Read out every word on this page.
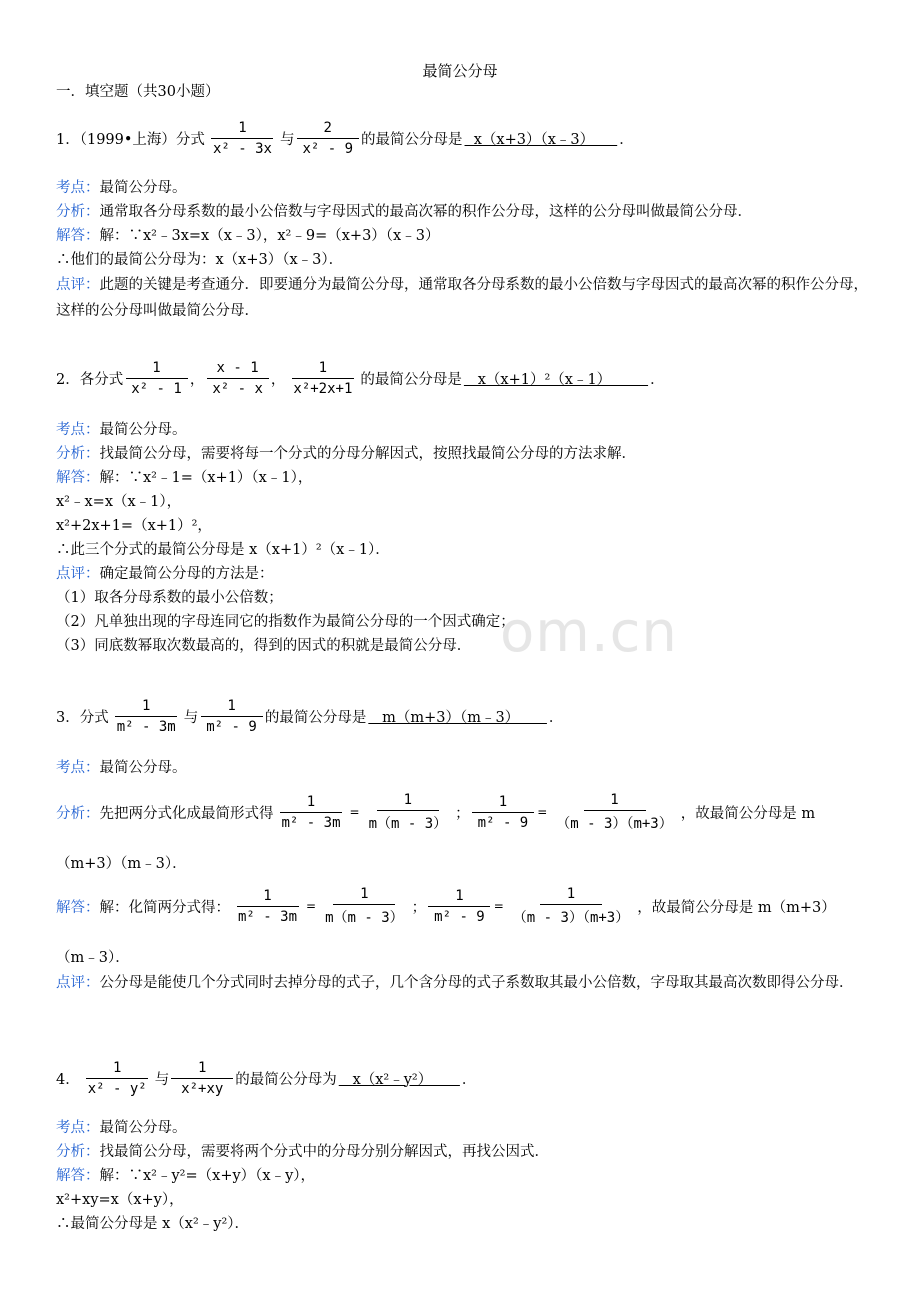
om.cn
最简公分母
一．填空题（共30小题）
1．（1999•上海）分式 $\frac{1}{\text{x² - 3x}}$ 与 $\frac{2}{\text{x² - 9}}$ 的最简公分母是 x（x+3）（x﹣3） ．
考点：最简公分母。
分析：通常取各分母系数的最小公倍数与字母因式的最高次幂的积作公分母，这样的公分母叫做最简公分母．
解答：解：∵x²﹣3x=x（x﹣3），x²﹣9=（x+3）（x﹣3）
∴他们的最简公分母为：x（x+3）（x﹣3）．
点评：此题的关键是考查通分．即要通分为最简公分母，通常取各分母系数的最小公倍数与字母因式的最高次幂的积作公分母，这样的公分母叫做最简公分母．
2．各分式 $\frac{1}{\text{x² - 1}}$ ， $\frac{x - 1}{\text{x² - x}}$ ， $\frac{1}{\text{x²+2x+1}}$ 的最简公分母是 x（x+1）²（x﹣1） ．
考点：最简公分母。
分析：找最简公分母，需要将每一个分式的分母分解因式，按照找最简公分母的方法求解．
解答：解：∵x²﹣1=（x+1）（x﹣1），
x²﹣x=x（x﹣1），
x²+2x+1=（x+1）²，
∴此三个分式的最简公分母是 x（x+1）²（x﹣1）．
点评：确定最简公分母的方法是：
（1）取各分母系数的最小公倍数；
（2）凡单独出现的字母连同它的指数作为最简公分母的一个因式确定；
（3）同底数幂取次数最高的，得到的因式的积就是最简公分母．
3．分式 $\frac{1}{\text{m² - 3m}}$ 与 $\frac{1}{\text{m² - 9}}$ 的最简公分母是 m（m+3）（m﹣3） ．
考点：最简公分母。
分析： 先把两分式化成最简形式得 $\frac{1}{\text{m² - 3m}} = \frac{1}{m(m - 3)}$ ； $\frac{1}{\text{m² - 9}} = \frac{1}{(m - 3)(m+3)}$ ，故最简公分母是 m
（m+3）（m﹣3）．
解答： 解：化简两分式得： $\frac{1}{\text{m² - 3m}} = \frac{1}{m(m - 3)}$ ； $\frac{1}{\text{m² - 9}} = \frac{1}{(m - 3)(m+3)}$ ，故最简公分母是 m（m+3）
（m﹣3）．
点评：公分母是能使几个分式同时去掉分母的式子，几个含分母的式子系数取其最小公倍数，字母取其最高次数即得公分母．
4． $\frac{1}{\text{x² - y²}}$ 与 $\frac{1}{\text{x²+xy}}$ 的最简公分母为 x（x²﹣y²） ．
考点：最简公分母。
分析：找最简公分母，需要将两个分式中的分母分别分解因式，再找公因式．
解答：解：∵x²﹣y²=（x+y）（x﹣y），
x²+xy=x（x+y），
∴最简公分母是 x（x²﹣y²）．
